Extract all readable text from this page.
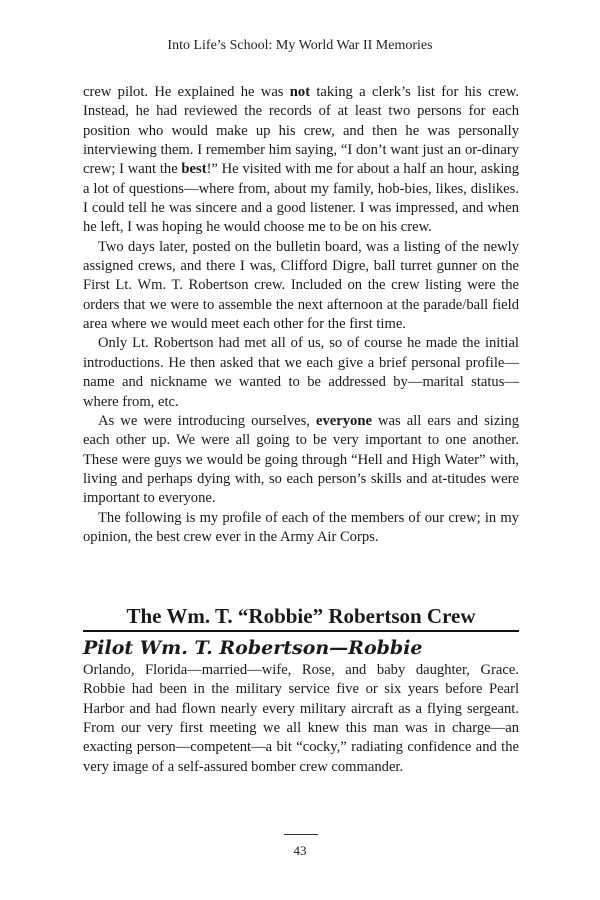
Into Life’s School: My World War II Memories

crew pilot. He explained he was not taking a clerk’s list for his crew. Instead, he had reviewed the records of at least two persons for each position who would make up his crew, and then he was personally interviewing them. I remember him saying, “I don’t want just an or-dinary crew; I want the best!” He visited with me for about a half an hour, asking a lot of questions—where from, about my family, hob-bies, likes, dislikes. I could tell he was sincere and a good listener. I was impressed, and when he left, I was hoping he would choose me to be on his crew.

Two days later, posted on the bulletin board, was a listing of the newly assigned crews, and there I was, Clifford Digre, ball turret gunner on the First Lt. Wm. T. Robertson crew. Included on the crew listing were the orders that we were to assemble the next afternoon at the parade/ball field area where we would meet each other for the first time.

Only Lt. Robertson had met all of us, so of course he made the initial introductions. He then asked that we each give a brief personal profile—name and nickname we wanted to be addressed by—marital status—where from, etc.

As we were introducing ourselves, everyone was all ears and sizing each other up. We were all going to be very important to one another. These were guys we would be going through “Hell and High Water” with, living and perhaps dying with, so each person’s skills and at-titudes were important to everyone.

The following is my profile of each of the members of our crew; in my opinion, the best crew ever in the Army Air Corps.

The Wm. T. “Robbie” Robertson Crew
Pilot Wm. T. Robertson—Robbie

Orlando, Florida—married—wife, Rose, and baby daughter, Grace. Robbie had been in the military service five or six years before Pearl Harbor and had flown nearly every military aircraft as a flying sergeant. From our very first meeting we all knew this man was in charge—an exacting person—competent—a bit “cocky,” radiating confidence and the very image of a self-assured bomber crew commander.

43
